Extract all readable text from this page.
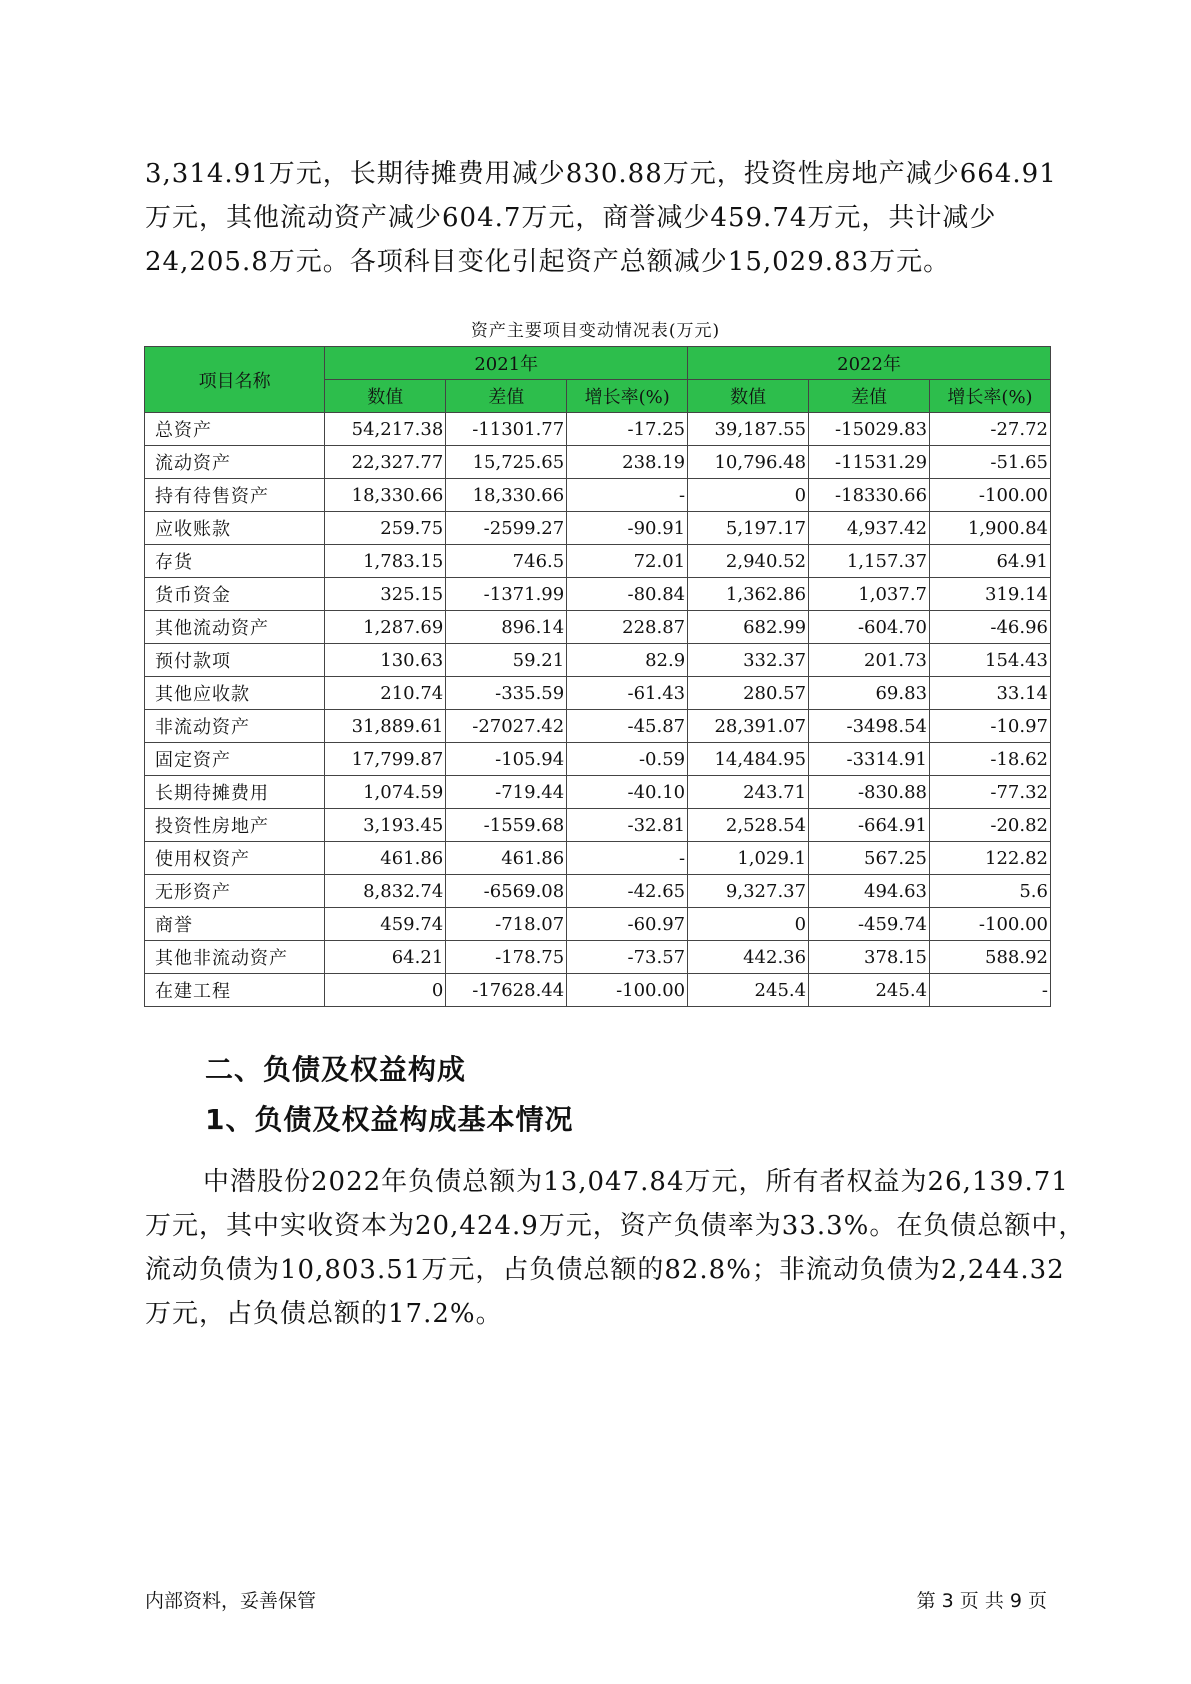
3,314.91万元，长期待摊费用减少830.88万元，投资性房地产减少664.91
万元，其他流动资产减少604.7万元，商誉减少459.74万元，共计减少
24,205.8万元。各项科目变化引起资产总额减少15,029.83万元。
资产主要项目变动情况表(万元)
项目名称	2021年			2022年		
	数值	差值	增长率(%)	数值	差值	增长率(%)
总资产	54,217.38	-11301.77	-17.25	39,187.55	-15029.83	-27.72
流动资产	22,327.77	15,725.65	238.19	10,796.48	-11531.29	-51.65
持有待售资产	18,330.66	18,330.66	-	0	-18330.66	-100.00
应收账款	259.75	-2599.27	-90.91	5,197.17	4,937.42	1,900.84
存货	1,783.15	746.5	72.01	2,940.52	1,157.37	64.91
货币资金	325.15	-1371.99	-80.84	1,362.86	1,037.7	319.14
其他流动资产	1,287.69	896.14	228.87	682.99	-604.70	-46.96
预付款项	130.63	59.21	82.9	332.37	201.73	154.43
其他应收款	210.74	-335.59	-61.43	280.57	69.83	33.14
非流动资产	31,889.61	-27027.42	-45.87	28,391.07	-3498.54	-10.97
固定资产	17,799.87	-105.94	-0.59	14,484.95	-3314.91	-18.62
长期待摊费用	1,074.59	-719.44	-40.10	243.71	-830.88	-77.32
投资性房地产	3,193.45	-1559.68	-32.81	2,528.54	-664.91	-20.82
使用权资产	461.86	461.86	-	1,029.1	567.25	122.82
无形资产	8,832.74	-6569.08	-42.65	9,327.37	494.63	5.6
商誉	459.74	-718.07	-60.97	0	-459.74	-100.00
其他非流动资产	64.21	-178.75	-73.57	442.36	378.15	588.92
在建工程	0	-17628.44	-100.00	245.4	245.4	-
二、负债及权益构成
1、负债及权益构成基本情况
中潜股份2022年负债总额为13,047.84万元，所有者权益为26,139.71
万元，其中实收资本为20,424.9万元，资产负债率为33.3%。在负债总额中，
流动负债为10,803.51万元，占负债总额的82.8%；非流动负债为2,244.32
万元，占负债总额的17.2%。
内部资料，妥善保管	第 3 页 共 9 页
